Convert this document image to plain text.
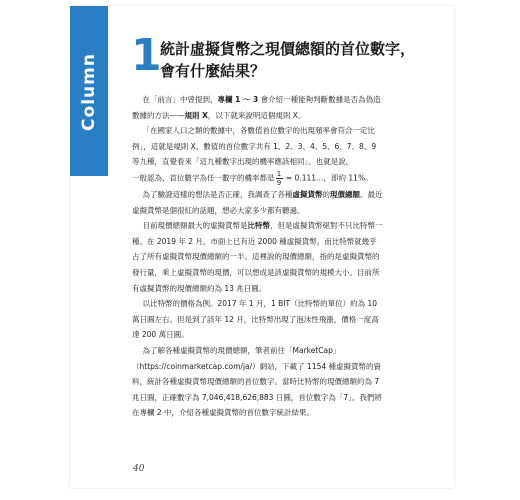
Column 1
統計虛擬貨幣之現價總額的首位數字，
會有什麼結果？

在「前言」中曾提到，專欄 1 〜 3 會介紹一種能夠判斷數據是否為偽造數據的方法——規則 X，以下就來說明這個規則 X。

「在國家人口之類的數據中，各數值首位數字的出現頻率會符合一定比例」，這就是規則 X。數值的首位數字共有 1、2、3、4、5、6、7、8、9 等九種，直覺看來「這九種數字出現的機率應該相同」。也就是說，

一般認為，首位數字為任一數字的機率都是 $\frac{1}{9}$ = 0.111…，即約 11%。

為了驗證這樣的想法是否正確，我調查了各種虛擬貨幣的現價總額。最近虛擬貨幣是個很紅的話題，想必大家多少都有聽過。

目前現價總額最大的虛擬貨幣是比特幣，但是虛擬貨幣絕對不只比特幣一種。在 2019 年 2 月，市面上已有近 2000 種虛擬貨幣，而比特幣就幾乎占了所有虛擬貨幣現價總額的一半。這裡說的現價總額，指的是虛擬貨幣的發行量，乘上虛擬貨幣的現價，可以想成是該虛擬貨幣的規模大小。目前所有虛擬貨幣的現價總額約為 13 兆日圓。

以比特幣的價格為例。2017 年 1 月，1 BIT（比特幣的單位）約為 10 萬日圓左右。但是到了該年 12 月，比特幣出現了泡沫性飛漲，價格一度高達 200 萬日圓。

為了解各種虛擬貨幣的現價總額，筆者前往「MarketCap」（https://coinmarketcap.com/ja/）網站，下載了 1154 種虛擬貨幣的資料，統計各種虛擬貨幣現價總額的首位數字。當時比特幣的現價總額約為 7 兆日圓，正確數字為 7,046,418,626,883 日圓，首位數字為「7」。我們將在專欄 2 中，介紹各種虛擬貨幣的首位數字統計結果。

40
